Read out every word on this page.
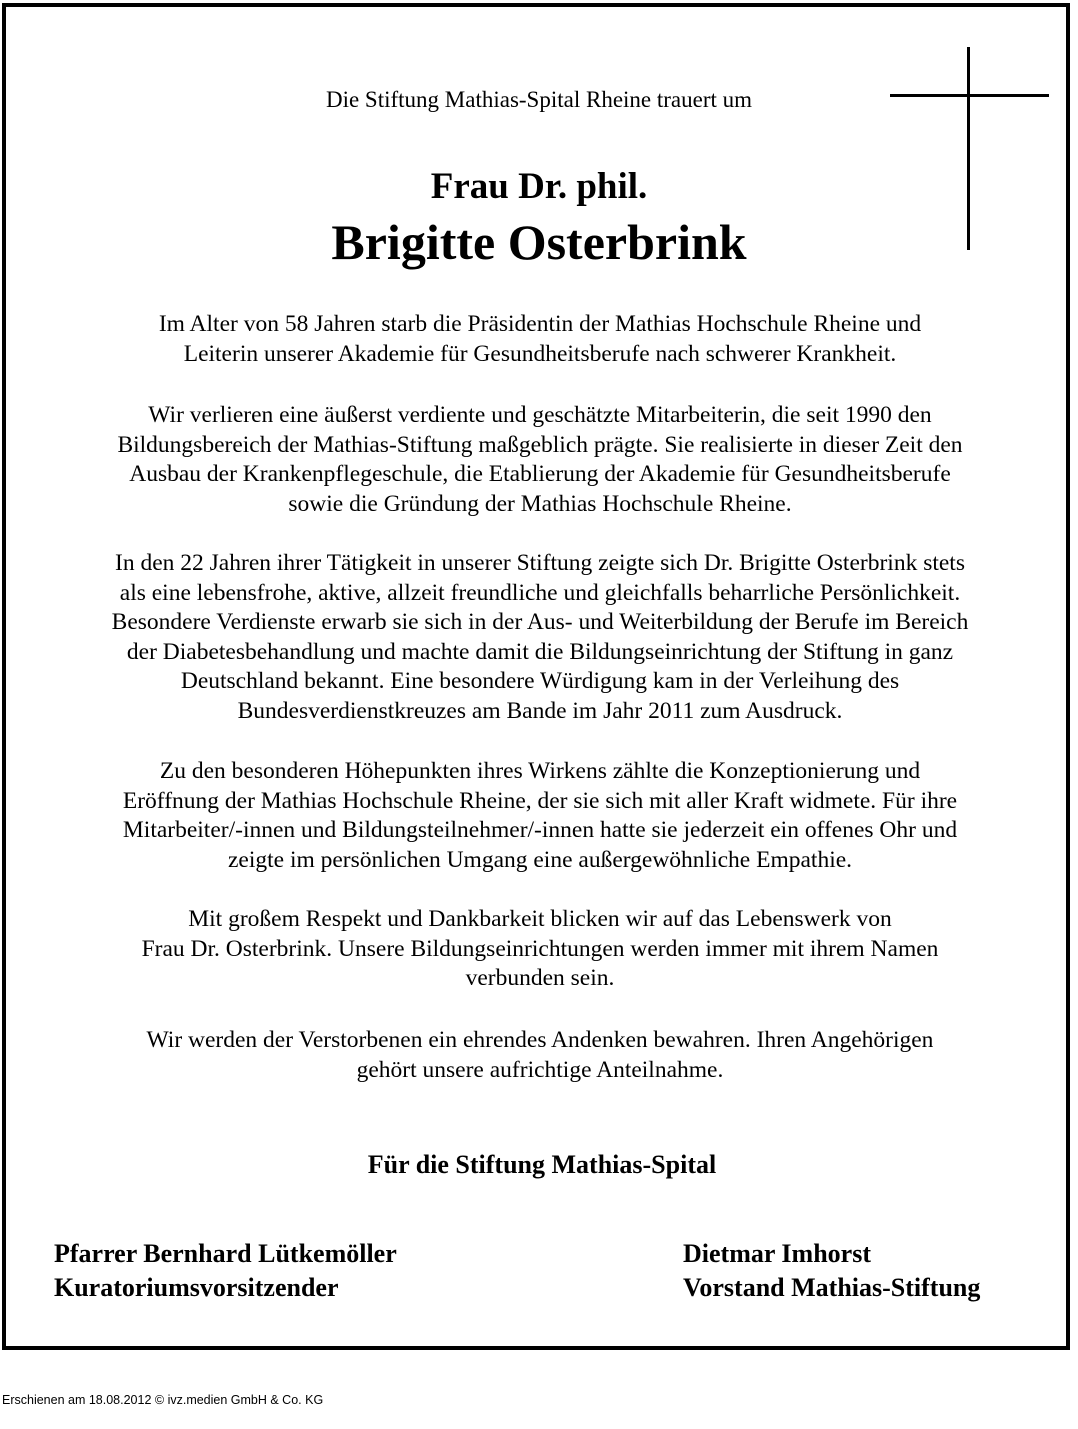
Die Stiftung Mathias-Spital Rheine trauert um
Frau Dr. phil.
Brigitte Osterbrink

Im Alter von 58 Jahren starb die Präsidentin der Mathias Hochschule Rheine und
Leiterin unserer Akademie für Gesundheitsberufe nach schwerer Krankheit.

Wir verlieren eine äußerst verdiente und geschätzte Mitarbeiterin, die seit 1990 den
Bildungsbereich der Mathias-Stiftung maßgeblich prägte. Sie realisierte in dieser Zeit den
Ausbau der Krankenpflegeschule, die Etablierung der Akademie für Gesundheitsberufe
sowie die Gründung der Mathias Hochschule Rheine.

In den 22 Jahren ihrer Tätigkeit in unserer Stiftung zeigte sich Dr. Brigitte Osterbrink stets
als eine lebensfrohe, aktive, allzeit freundliche und gleichfalls beharrliche Persönlichkeit.
Besondere Verdienste erwarb sie sich in der Aus- und Weiterbildung der Berufe im Bereich
der Diabetesbehandlung und machte damit die Bildungseinrichtung der Stiftung in ganz
Deutschland bekannt. Eine besondere Würdigung kam in der Verleihung des
Bundesverdienstkreuzes am Bande im Jahr 2011 zum Ausdruck.

Zu den besonderen Höhepunkten ihres Wirkens zählte die Konzeptionierung und
Eröffnung der Mathias Hochschule Rheine, der sie sich mit aller Kraft widmete. Für ihre
Mitarbeiter/-innen und Bildungsteilnehmer/-innen hatte sie jederzeit ein offenes Ohr und
zeigte im persönlichen Umgang eine außergewöhnliche Empathie.

Mit großem Respekt und Dankbarkeit blicken wir auf das Lebenswerk von
Frau Dr. Osterbrink. Unsere Bildungseinrichtungen werden immer mit ihrem Namen
verbunden sein.

Wir werden der Verstorbenen ein ehrendes Andenken bewahren. Ihren Angehörigen
gehört unsere aufrichtige Anteilnahme.

Für die Stiftung Mathias-Spital
Pfarrer Bernhard Lütkemöller
Kuratoriumsvorsitzender
Dietmar Imhorst
Vorstand Mathias-Stiftung
Erschienen am 18.08.2012 © ivz.medien GmbH & Co. KG
